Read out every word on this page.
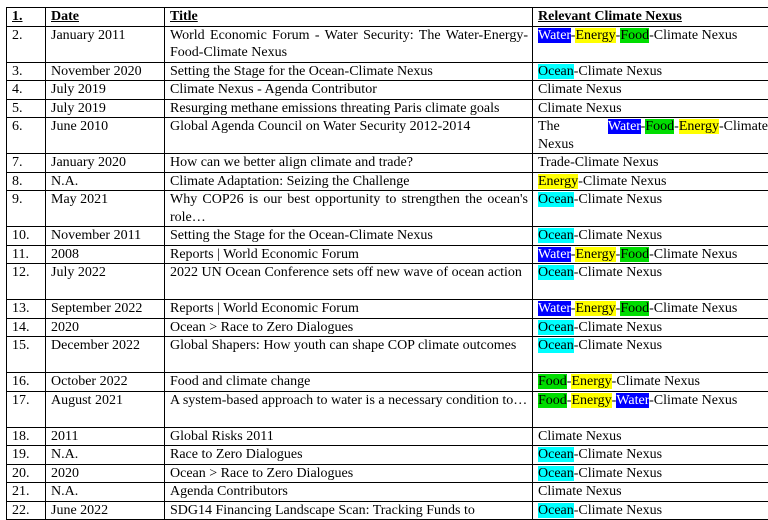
1.	Date	Title	Relevant Climate Nexus
2.	January 2011	World Economic Forum - Water Security: The Water-Energy-Food-Climate Nexus	Water-Energy-Food-Climate Nexus
3.	November 2020	Setting the Stage for the Ocean-Climate Nexus	Ocean-Climate Nexus
4.	July 2019	Climate Nexus - Agenda Contributor	Climate Nexus
5.	July 2019	Resurging methane emissions threating Paris climate goals	Climate Nexus
6.	June 2010	Global Agenda Council on Water Security 2012-2014	The Water-Food-Energy-Climate Nexus
7.	January 2020	How can we better align climate and trade?	Trade-Climate Nexus
8.	N.A.	Climate Adaptation: Seizing the Challenge	Energy-Climate Nexus
9.	May 2021	Why COP26 is our best opportunity to strengthen the ocean's role…	Ocean-Climate Nexus
10.	November 2011	Setting the Stage for the Ocean-Climate Nexus	Ocean-Climate Nexus
11.	2008	Reports | World Economic Forum	Water-Energy-Food-Climate Nexus
12.	July 2022	2022 UN Ocean Conference sets off new wave of ocean action	Ocean-Climate Nexus
13.	September 2022	Reports | World Economic Forum	Water-Energy-Food-Climate Nexus
14.	2020	Ocean > Race to Zero Dialogues	Ocean-Climate Nexus
15.	December 2022	Global Shapers: How youth can shape COP climate outcomes	Ocean-Climate Nexus
16.	October 2022	Food and climate change	Food-Energy-Climate Nexus
17.	August 2021	A system-based approach to water is a necessary condition to…	Food-Energy-Water-Climate Nexus
18.	2011	Global Risks 2011	Climate Nexus
19.	N.A.	Race to Zero Dialogues	Ocean-Climate Nexus
20.	2020	Ocean > Race to Zero Dialogues	Ocean-Climate Nexus
21.	N.A.	Agenda Contributors	Climate Nexus
22.	June 2022	SDG14 Financing Landscape Scan: Tracking Funds to	Ocean-Climate Nexus
